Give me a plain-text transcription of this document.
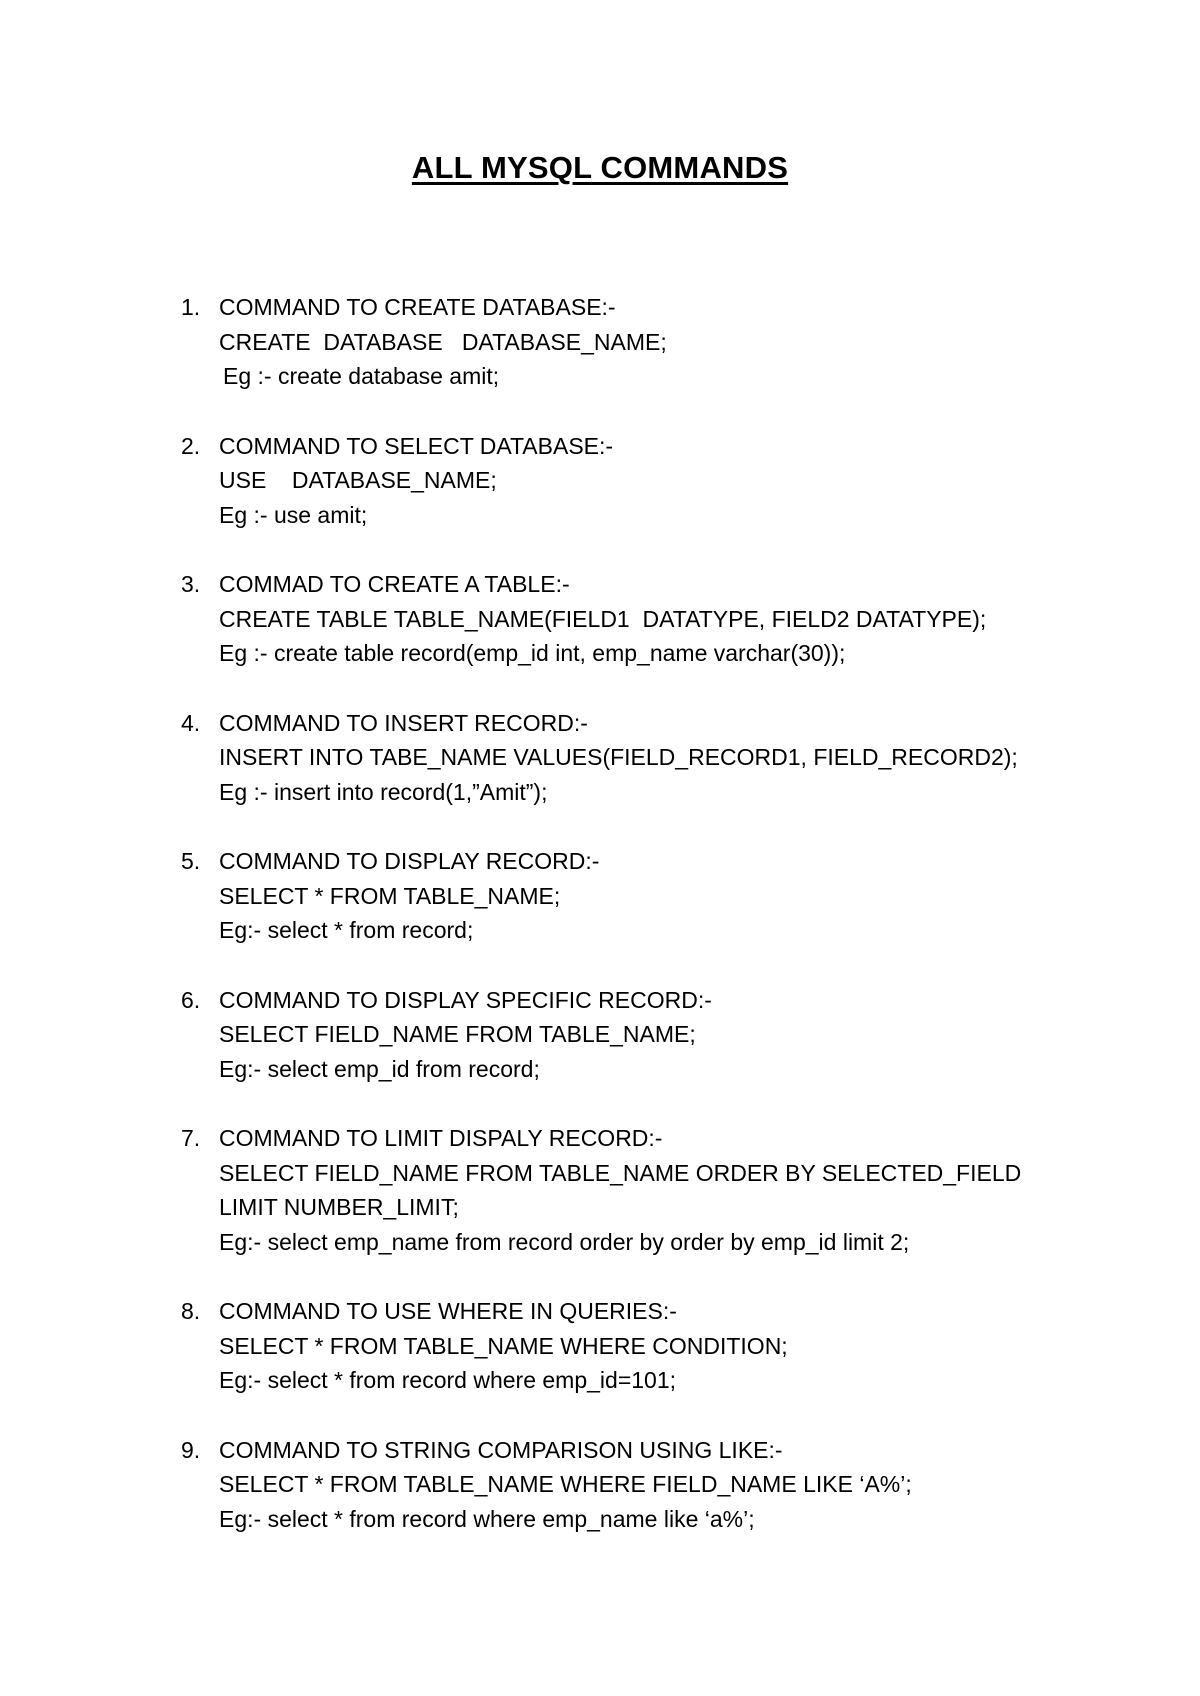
ALL MYSQL COMMANDS
1. COMMAND TO CREATE DATABASE:-
CREATE  DATABASE   DATABASE_NAME;
Eg :- create database amit;
2. COMMAND TO SELECT DATABASE:-
USE    DATABASE_NAME;
Eg :- use amit;
3. COMMAD TO CREATE A TABLE:-
CREATE TABLE TABLE_NAME(FIELD1  DATATYPE, FIELD2 DATATYPE);
Eg :- create table record(emp_id int, emp_name varchar(30));
4. COMMAND TO INSERT RECORD:-
INSERT INTO TABE_NAME VALUES(FIELD_RECORD1, FIELD_RECORD2);
Eg :- insert into record(1,”Amit”);
5. COMMAND TO DISPLAY RECORD:-
SELECT * FROM TABLE_NAME;
Eg:- select * from record;
6. COMMAND TO DISPLAY SPECIFIC RECORD:-
SELECT FIELD_NAME FROM TABLE_NAME;
Eg:- select emp_id from record;
7. COMMAND TO LIMIT DISPALY RECORD:-
SELECT FIELD_NAME FROM TABLE_NAME ORDER BY SELECTED_FIELD
LIMIT NUMBER_LIMIT;
Eg:- select emp_name from record order by order by emp_id limit 2;
8. COMMAND TO USE WHERE IN QUERIES:-
SELECT * FROM TABLE_NAME WHERE CONDITION;
Eg:- select * from record where emp_id=101;
9. COMMAND TO STRING COMPARISON USING LIKE:-
SELECT * FROM TABLE_NAME WHERE FIELD_NAME LIKE ‘A%’;
Eg:- select * from record where emp_name like ‘a%’;
